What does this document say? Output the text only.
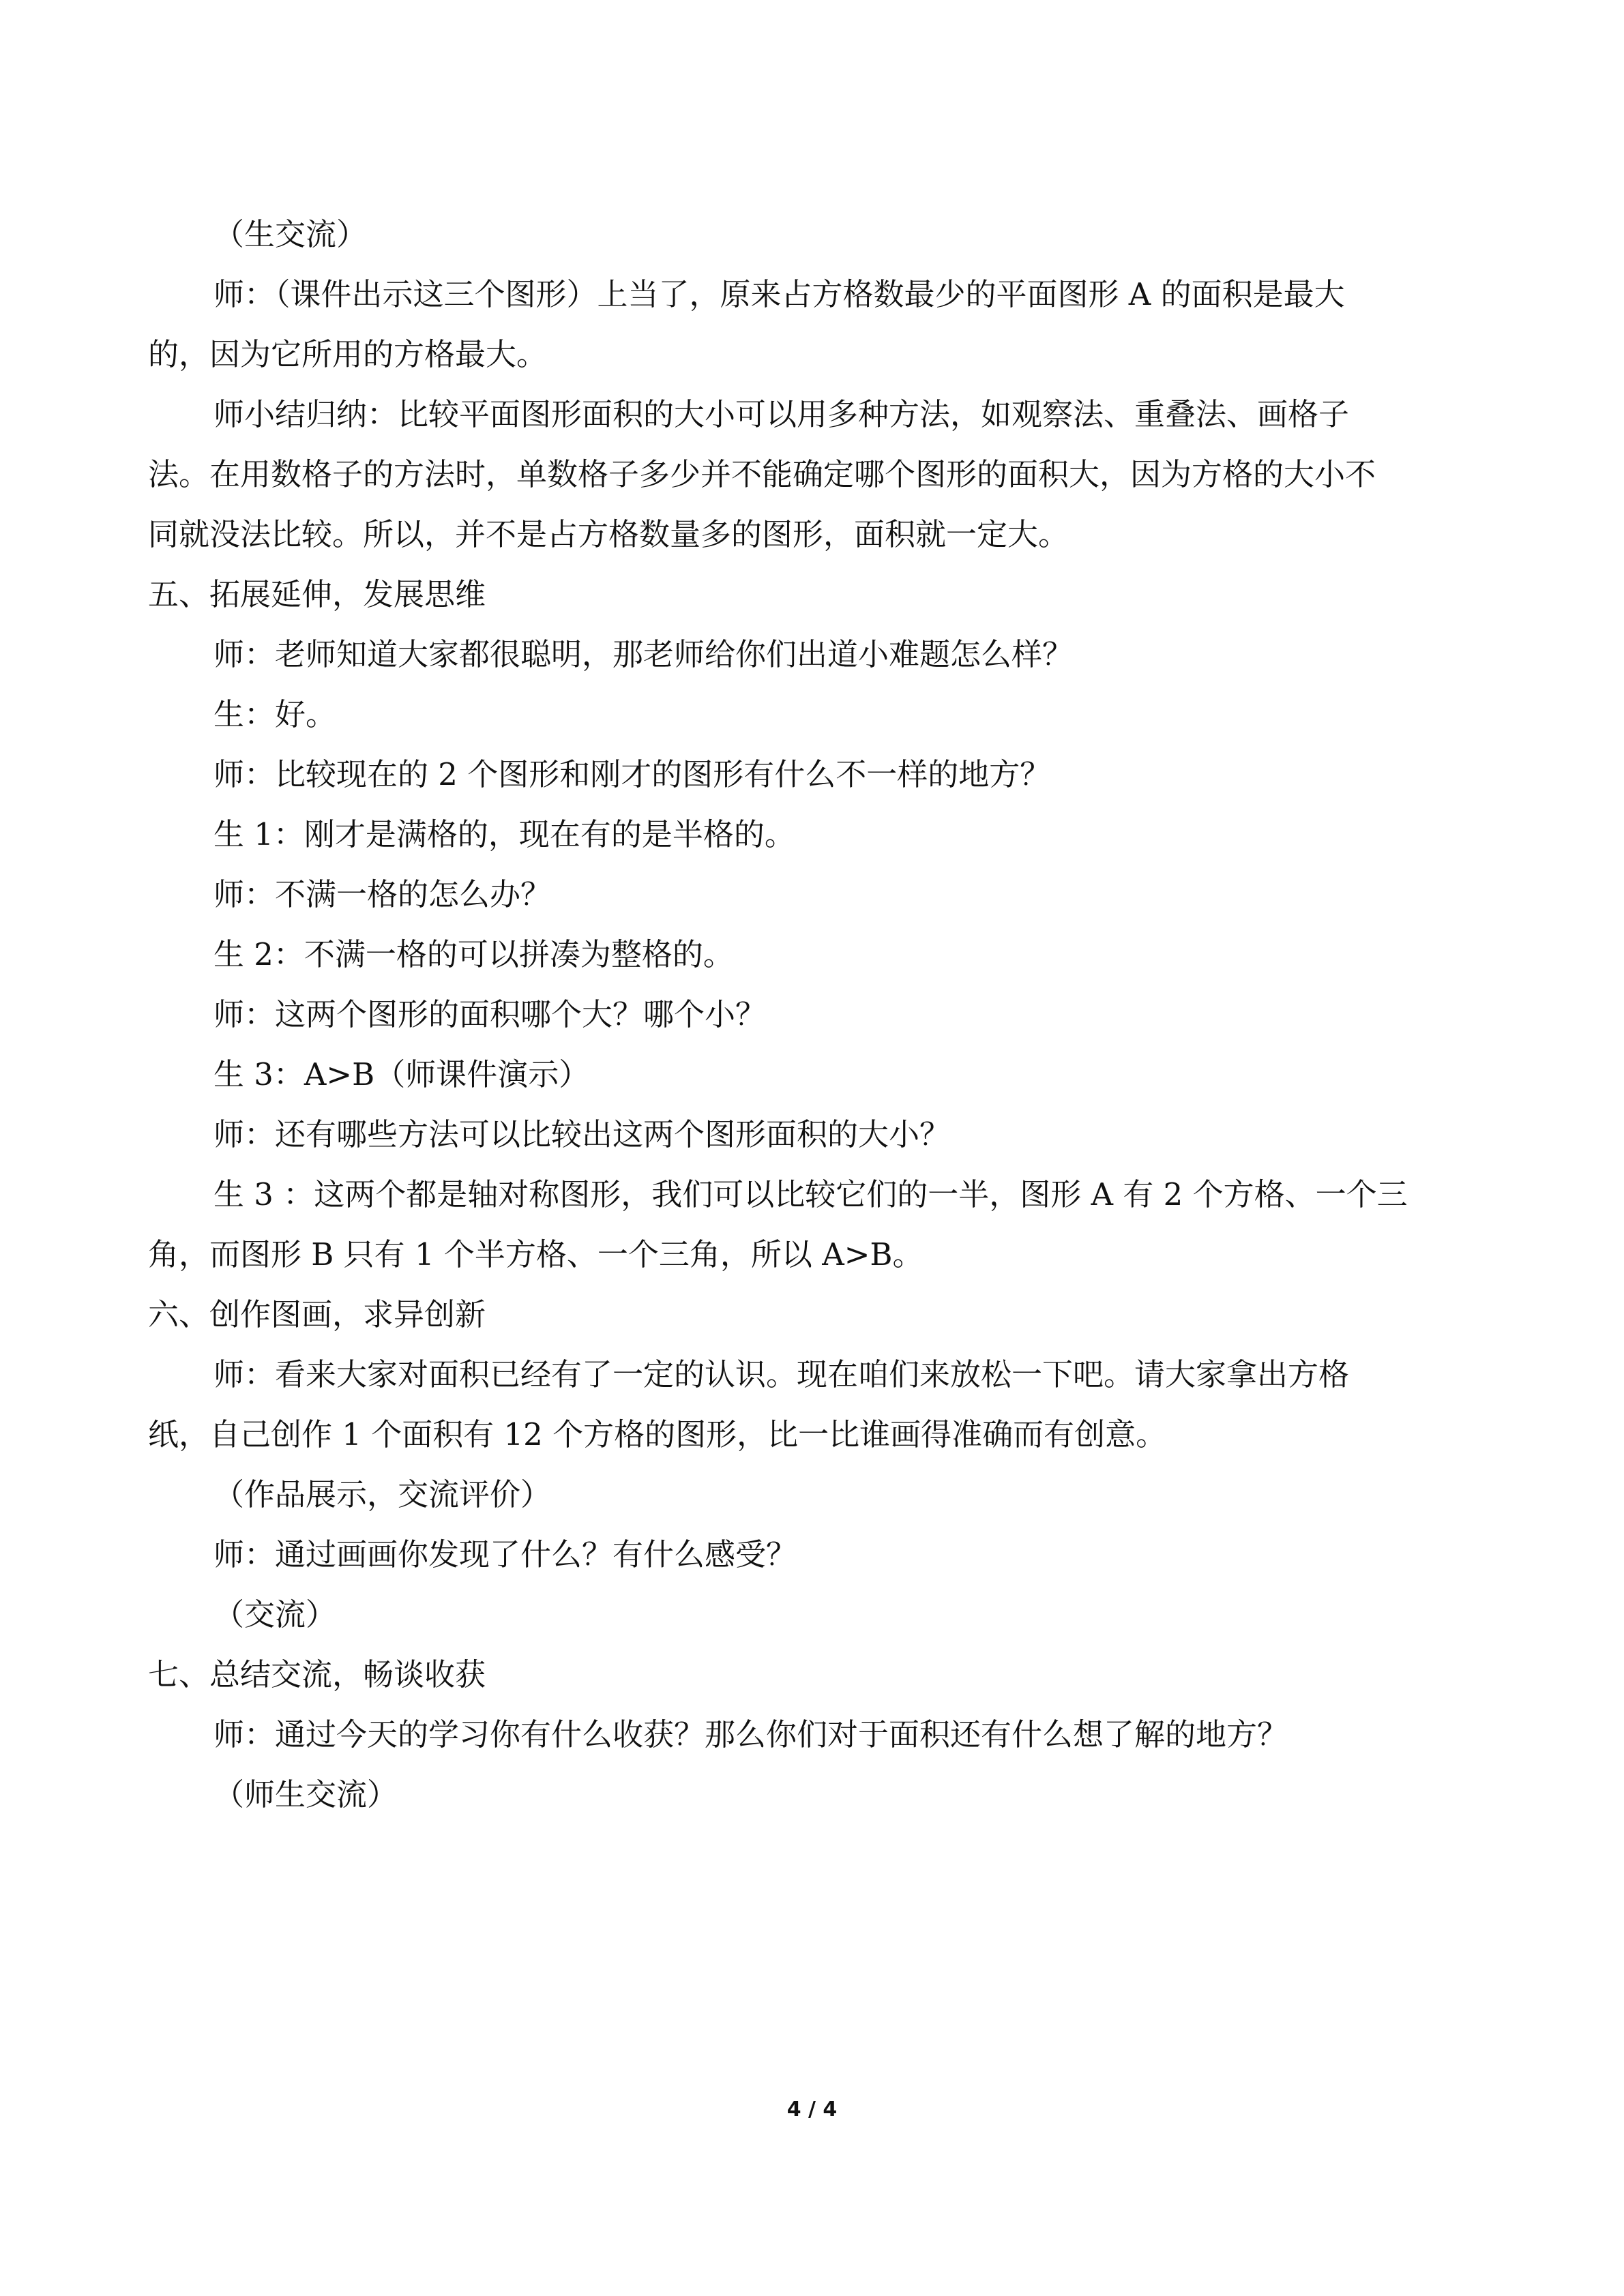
（生交流）
师：（课件出示这三个图形）上当了，原来占方格数最少的平面图形 A 的面积是最大
的，因为它所用的方格最大。
师小结归纳：比较平面图形面积的大小可以用多种方法，如观察法、重叠法、画格子
法。在用数格子的方法时，单数格子多少并不能确定哪个图形的面积大，因为方格的大小不
同就没法比较。所以，并不是占方格数量多的图形，面积就一定大。
五、拓展延伸，发展思维
师：老师知道大家都很聪明，那老师给你们出道小难题怎么样？
生：好。
师：比较现在的 2 个图形和刚才的图形有什么不一样的地方？
生 1：刚才是满格的，现在有的是半格的。
师：不满一格的怎么办？
生 2：不满一格的可以拼凑为整格的。
师：这两个图形的面积哪个大？哪个小？
生 3：A>B（师课件演示）
师：还有哪些方法可以比较出这两个图形面积的大小？
生 3 ：这两个都是轴对称图形，我们可以比较它们的一半，图形 A 有 2 个方格、一个三
角，而图形 B 只有 1 个半方格、一个三角，所以 A>B。
六、创作图画，求异创新
师：看来大家对面积已经有了一定的认识。现在咱们来放松一下吧。请大家拿出方格
纸，自己创作 1 个面积有 12 个方格的图形，比一比谁画得准确而有创意。
（作品展示，交流评价）
师：通过画画你发现了什么？有什么感受？
（交流）
七、总结交流，畅谈收获
师：通过今天的学习你有什么收获？那么你们对于面积还有什么想了解的地方？
（师生交流）
4 / 4
